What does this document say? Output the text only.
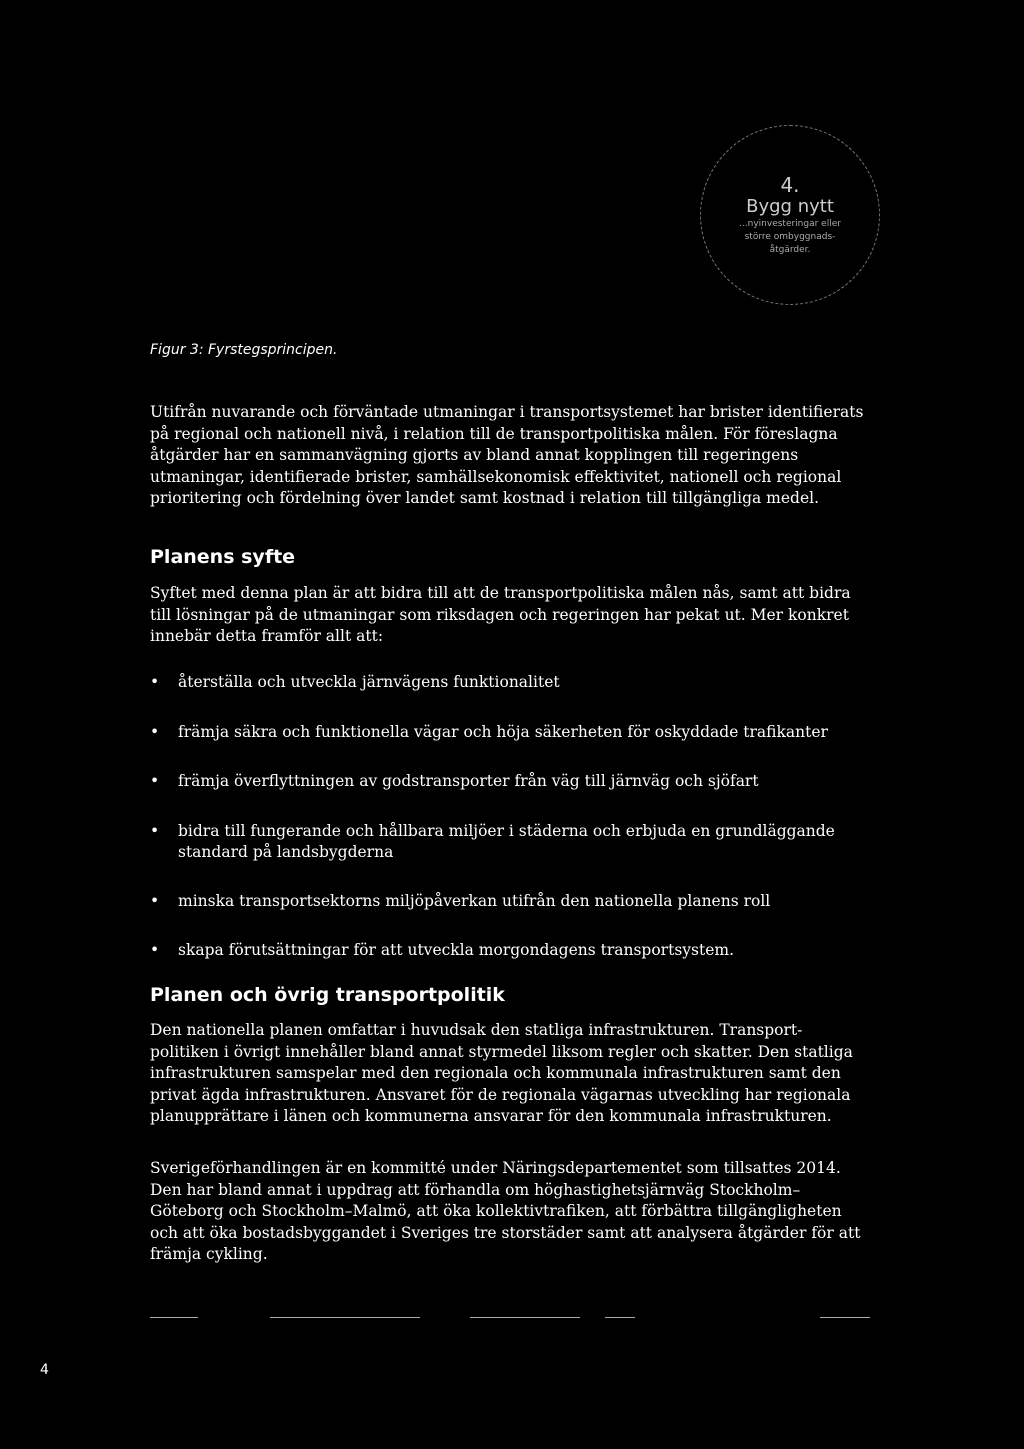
4.
Bygg nytt
...nyinvesteringar eller
större ombyggnads-
åtgärder.
Figur 3: Fyrstegsprincipen.

Utifrån nuvarande och förväntade utmaningar i transportsystemet har brister identifierats på regional och nationell nivå, i relation till de transportpolitiska målen. För föreslagna åtgärder har en sammanvägning gjorts av bland annat kopplingen till regeringens utmaningar, identifierade brister, samhällsekonomisk effektivitet, nationell och regional prioritering och fördelning över landet samt kostnad i relation till tillgängliga medel.

Planens syfte

Syftet med denna plan är att bidra till att de transportpolitiska målen nås, samt att bidra till lösningar på de utmaningar som riksdagen och regeringen har pekat ut. Mer konkret innebär detta framför allt att:

• återställa och utveckla järnvägens funktionalitet
• främja säkra och funktionella vägar och höja säkerheten för oskyddade trafikanter
• främja överflyttningen av godstransporter från väg till järnväg och sjöfart
• bidra till fungerande och hållbara miljöer i städerna och erbjuda en grundläggande standard på landsbygderna
• minska transportsektorns miljöpåverkan utifrån den nationella planens roll
• skapa förutsättningar för att utveckla morgondagens transportsystem.
Planen och övrig transportpolitik

Den nationella planen omfattar i huvudsak den statliga infrastrukturen. Transport-politiken i övrigt innehåller bland annat styrmedel liksom regler och skatter. Den statliga infrastrukturen samspelar med den regionala och kommunala infrastrukturen samt den privat ägda infrastrukturen. Ansvaret för de regionala vägarnas utveckling har regionala planupprättare i länen och kommunerna ansvarar för den kommunala infrastrukturen.

Sverigeförhandlingen är en kommitté under Näringsdepartementet som tillsattes 2014. Den har bland annat i uppdrag att förhandla om höghastighetsjärnväg Stockholm–Göteborg och Stockholm–Malmö, att öka kollektivtrafiken, att förbättra tillgängligheten och att öka bostadsbyggandet i Sveriges tre storstäder samt att analysera åtgärder för att främja cykling.

4
